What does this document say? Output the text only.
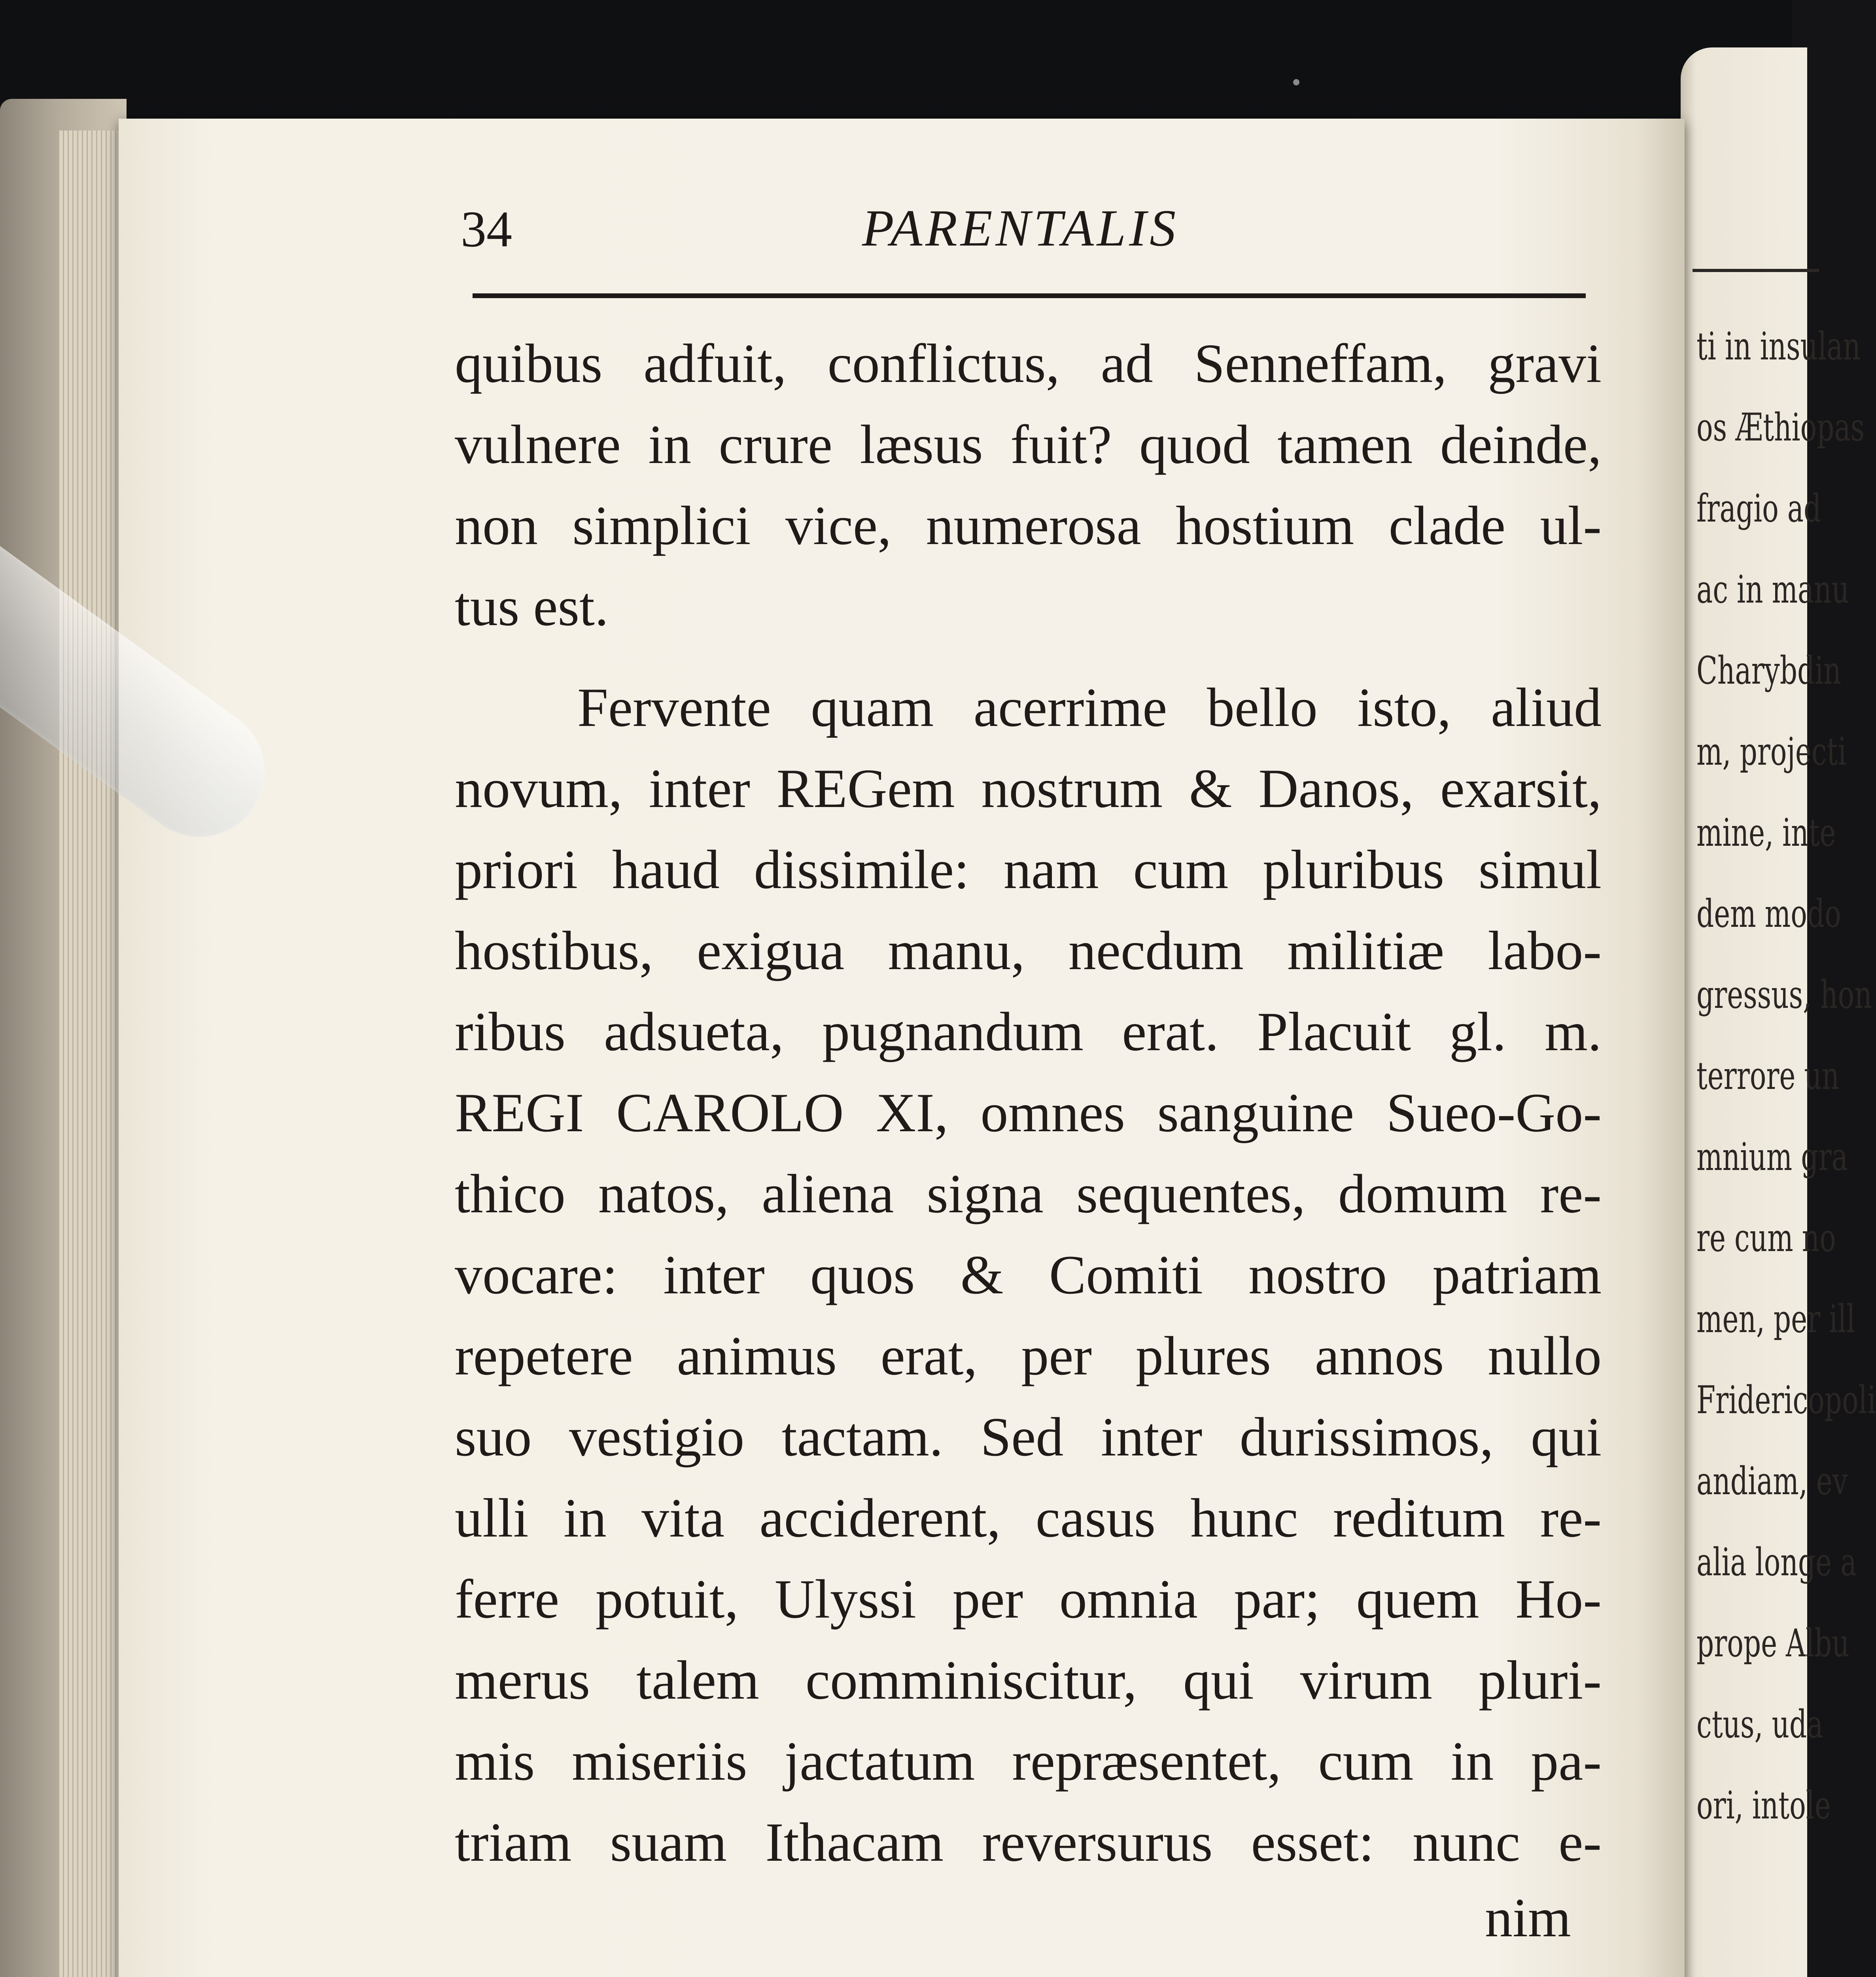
ti in insulan
os Æthiopas
fragio ad
ac in manu
Charybdin
m, projecti
mine, inte
dem modo
gressus, hon
terrore un
mnium gra
re cum no
men, per ill
Fridericopoli
andiam, ev
alia longe a
prope Albu
ctus, uda
ori, intole
34	PARENTALIS
quibus adfuit, conflictus, ad Senneffam, gravi
vulnere in crure læsus fuit? quod tamen deinde,
non simplici vice, numerosa hostium clade ul-
tus est.
Fervente quam acerrime bello isto, aliud
novum, inter REGem nostrum & Danos, exarsit,
priori haud dissimile: nam cum pluribus simul
hostibus, exigua manu, necdum militiæ labo-
ribus adsueta, pugnandum erat. Placuit gl. m.
REGI CAROLO XI, omnes sanguine Sueo-Go-
thico natos, aliena signa sequentes, domum re-
vocare: inter quos & Comiti nostro patriam
repetere animus erat, per plures annos nullo
suo vestigio tactam. Sed inter durissimos, qui
ulli in vita acciderent, casus hunc reditum re-
ferre potuit, Ulyssi per omnia par; quem Ho-
merus talem comminiscitur, qui virum pluri-
mis miseriis jactatum repræsentet, cum in pa-
triam suam Ithacam reversurus esset: nunc e-
nim
